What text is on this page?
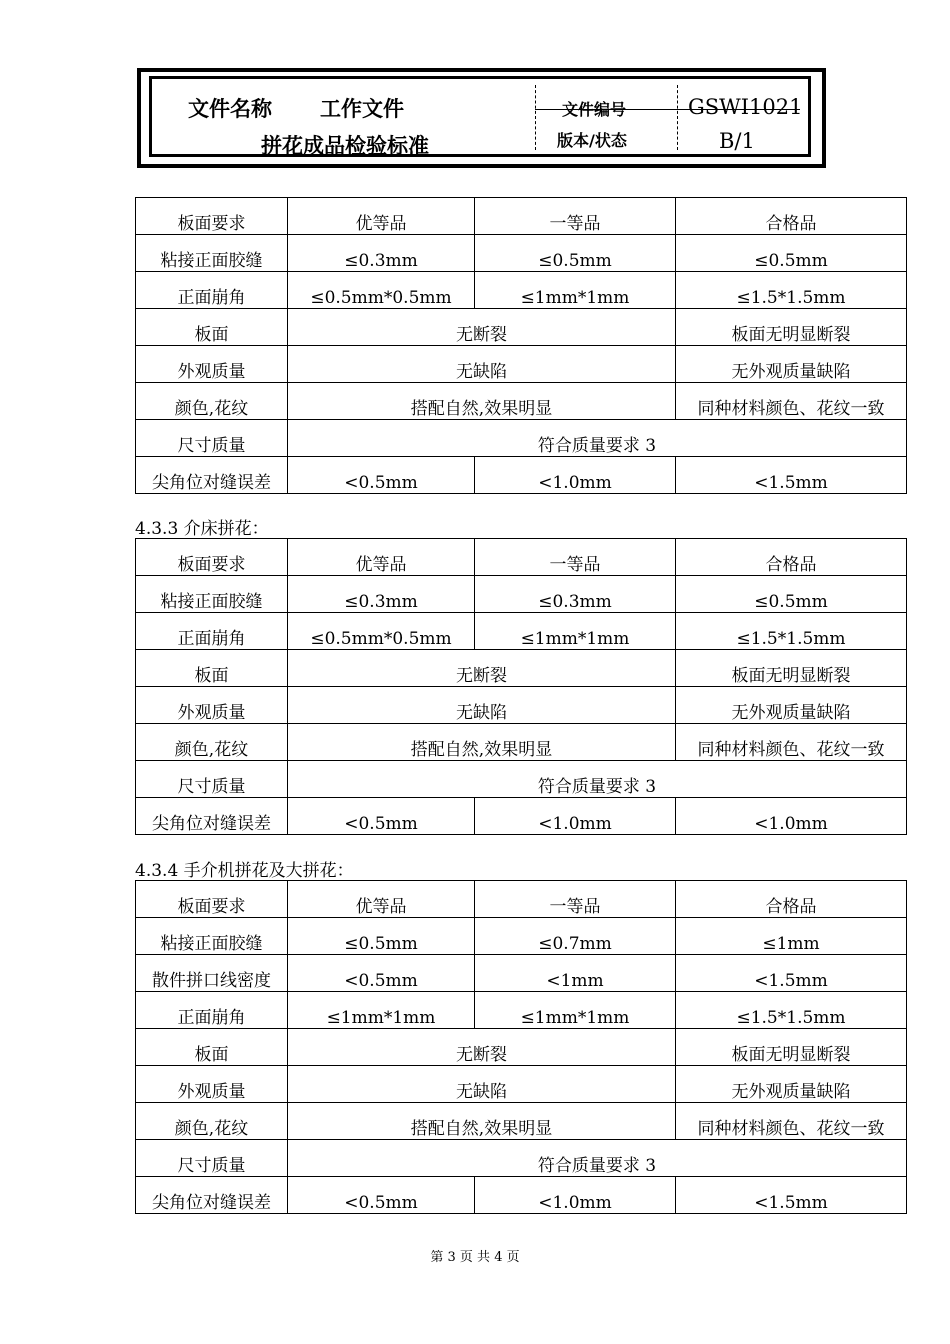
文件名称 工作文件
拼花成品检验标准
文件编号	GSWI1021
版本/状态	B/1
4.3.3 介床拼花：
4.3.4 手介机拼花及大拼花：
板面要求	优等品	一等品	合格品
粘接正面胶缝	≤0.3mm	≤0.5mm	≤0.5mm
正面崩角	≤0.5mm*0.5mm	≤1mm*1mm	≤1.5*1.5mm
板面	无断裂		板面无明显断裂
外观质量	无缺陷		无外观质量缺陷
颜色,花纹	搭配自然,效果明显		同种材料颜色、花纹一致
尺寸质量	符合质量要求 3		
尖角位对缝误差	<0.5mm	<1.0mm	<1.5mm
板面要求	优等品	一等品	合格品
粘接正面胶缝	≤0.3mm	≤0.3mm	≤0.5mm
正面崩角	≤0.5mm*0.5mm	≤1mm*1mm	≤1.5*1.5mm
板面	无断裂		板面无明显断裂
外观质量	无缺陷		无外观质量缺陷
颜色,花纹	搭配自然,效果明显		同种材料颜色、花纹一致
尺寸质量	符合质量要求 3		
尖角位对缝误差	<0.5mm	<1.0mm	<1.0mm
板面要求	优等品	一等品	合格品
粘接正面胶缝	≤0.5mm	≤0.7mm	≤1mm
散件拼口线密度	<0.5mm	<1mm	<1.5mm
正面崩角	≤1mm*1mm	≤1mm*1mm	≤1.5*1.5mm
板面	无断裂		板面无明显断裂
外观质量	无缺陷		无外观质量缺陷
颜色,花纹	搭配自然,效果明显		同种材料颜色、花纹一致
尺寸质量	符合质量要求 3		
尖角位对缝误差	<0.5mm	<1.0mm	<1.5mm
第 3 页 共 4 页
